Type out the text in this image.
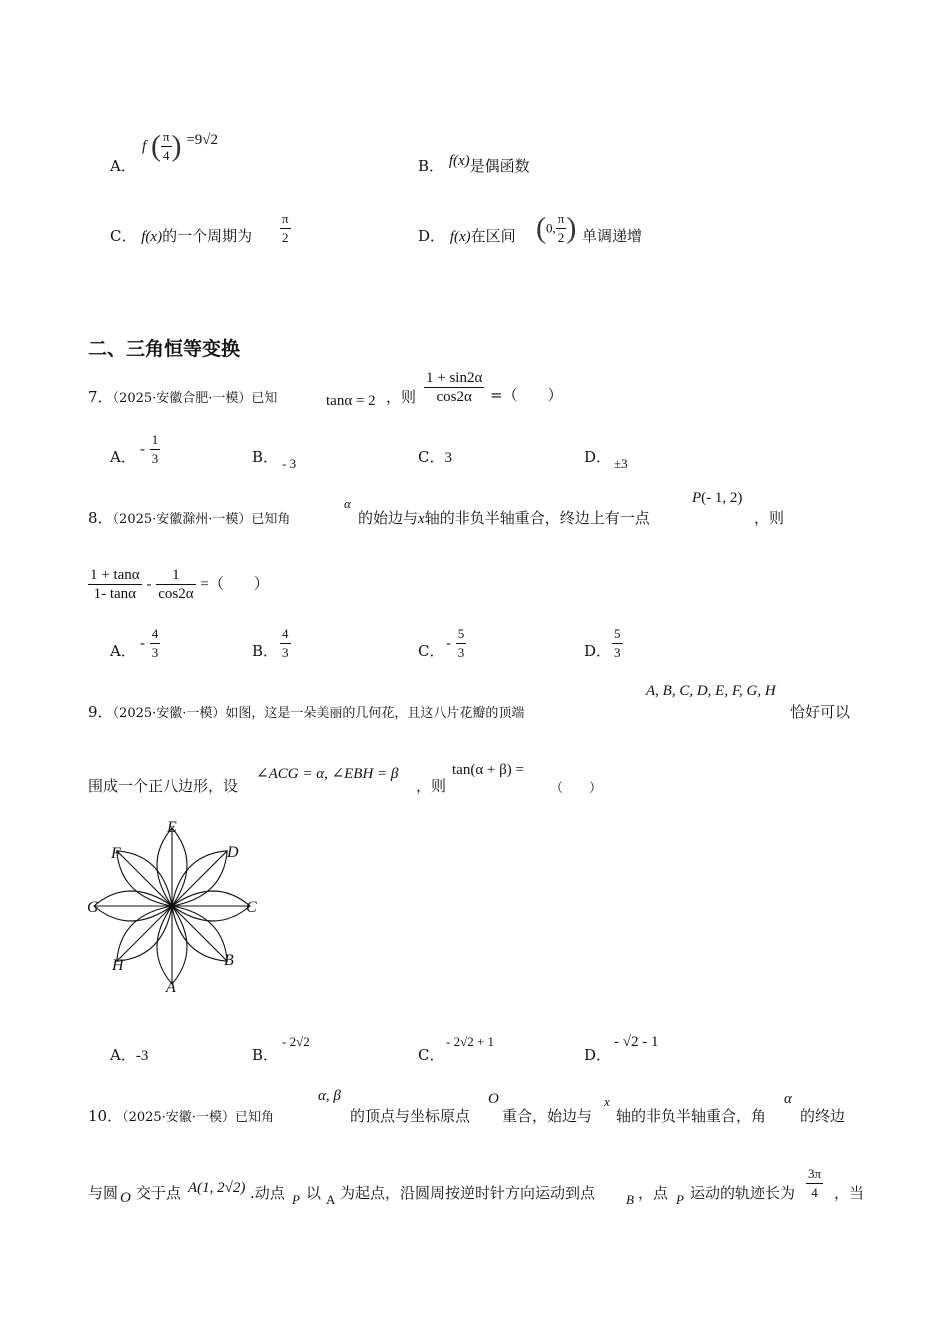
A．
f ( $\frac{\pi}{4}$ ) =9√2
B． f(x)是偶函数
C． f(x)的一个周期为 $\frac{\pi}{2}$	D． f(x)在区间 (0, $\frac{\pi}{2}$ ) 单调递增
二、三角恒等变换
7．（2025·安徽合肥·一模）已知	tanα = 2 ，则 $\frac{1 + \sin 2\alpha}{\cos 2\alpha}$ =（　　）
A． - $\frac{1}{3}$	B． - 3	C．3	D． ±3
8．（2025·安徽滁州·一模）已知角
α
的始边与x轴的非负半轴重合，终边上有一点
P(- 1, 2)
，则
$\frac{1 + \tan\alpha}{1- \tan\alpha} - \frac{1}{\cos 2\alpha}$ =（　　）
A． - $\frac{4}{3}$	B． $\frac{4}{3}$	C． - $\frac{5}{3}$	D． $\frac{5}{3}$
9．（2025·安徽·一模）如图，这是一朵美丽的几何花，且这八片花瓣的顶端
A, B, C, D, E, F, G, H
恰好可以
围成一个正八边形，设
∠ACG = α, ∠EBH = β
，则
tan(α + β) =
（　　）
E
D
C
B
A
H
G
F
A．-3	B．
- 2√2
C．
- 2√2 + 1
D．
- √2 - 1
10．（2025·安徽·一模）已知角
α, β
的顶点与坐标原点
O
重合，始边与
x
轴的非负半轴重合，角
α
的终边
与圆 O 交于点 A(1, 2√2) .动点 P 以 A 为起点，沿圆周按逆时针方向运动到点 B ，点 P 运动的轨迹长为 $\frac{3\pi}{4}$ ，当
